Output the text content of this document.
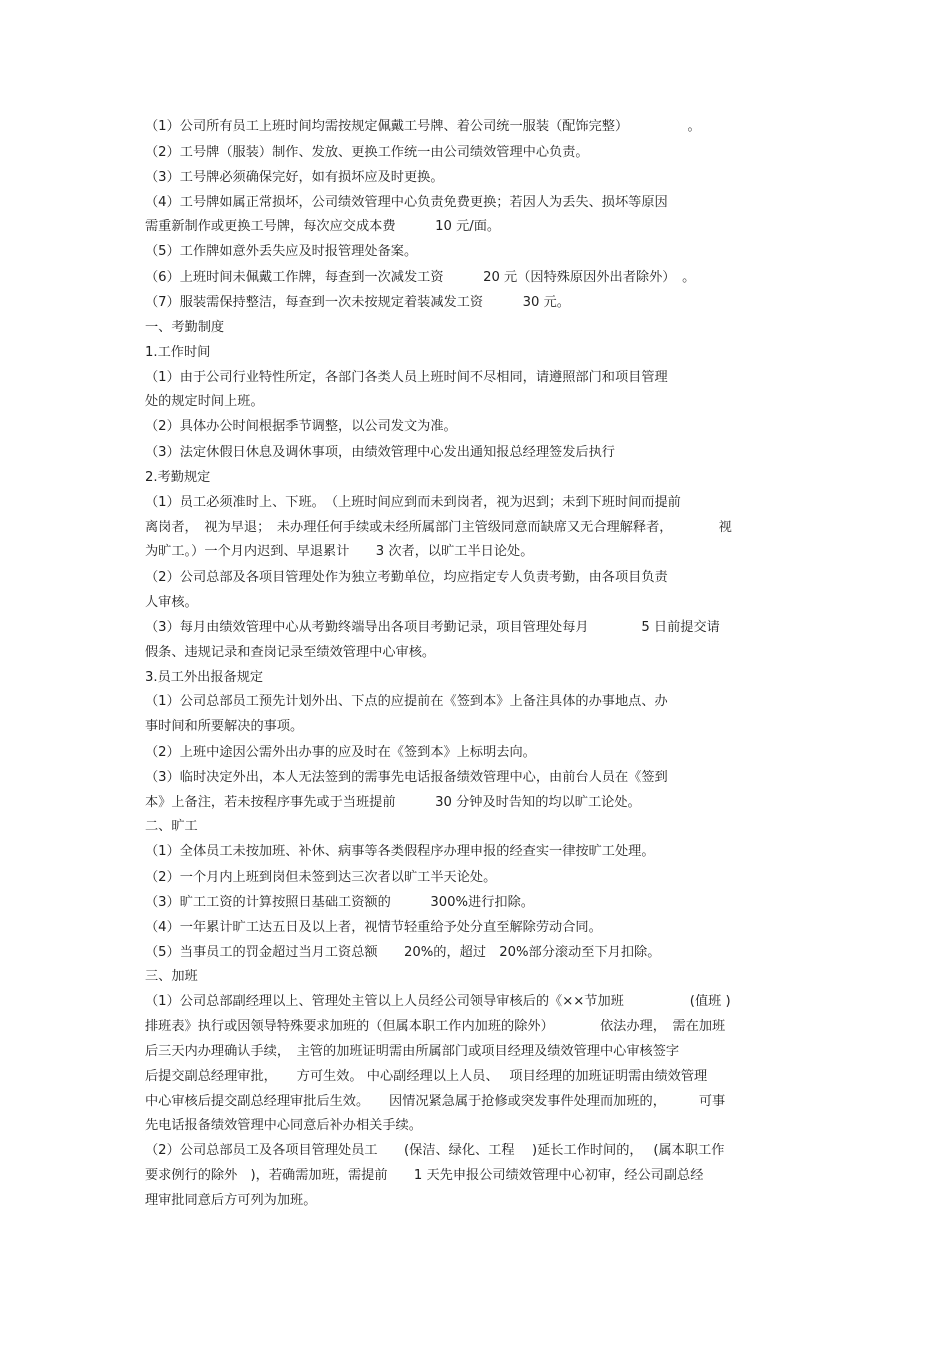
（1）公司所有员工上班时间均需按规定佩戴工号牌、着公司统一服装（配饰完整）　　　　　。
（2）工号牌（服装）制作、发放、更换工作统一由公司绩效管理中心负责。
（3）工号牌必须确保完好，如有损坏应及时更换。
（4）工号牌如属正常损坏，公司绩效管理中心负责免费更换；若因人为丢失、损坏等原因
需重新制作或更换工号牌，每次应交成本费　　　10 元/面。
（5）工作牌如意外丢失应及时报管理处备案。
（6）上班时间未佩戴工作牌，每查到一次减发工资　　　20 元（因特殊原因外出者除外）　。
（7）服装需保持整洁，每查到一次未按规定着装减发工资　　　30 元。
一、考勤制度
1.工作时间
（1）由于公司行业特性所定，各部门各类人员上班时间不尽相同，请遵照部门和项目管理
处的规定时间上班。
（2）具体办公时间根据季节调整，以公司发文为准。
（3）法定休假日休息及调休事项，由绩效管理中心发出通知报总经理签发后执行
2.考勤规定
（1）员工必须准时上、下班。　（上班时间应到而未到岗者，视为迟到；未到下班时间而提前
离岗者，　视为早退；　未办理任何手续或未经所属部门主管级同意而缺席又无合理解释者，　　　　视
为旷工。）一个月内迟到、早退累计　　3 次者，以旷工半日论处。
（2）公司总部及各项目管理处作为独立考勤单位，均应指定专人负责考勤，由各项目负责
人审核。
（3）每月由绩效管理中心从考勤终端导出各项目考勤记录，项目管理处每月　　　　5 日前提交请
假条、违规记录和查岗记录至绩效管理中心审核。
3.员工外出报备规定
（1）公司总部员工预先计划外出、下点的应提前在《签到本》上备注具体的办事地点、办
事时间和所要解决的事项。
（2）上班中途因公需外出办事的应及时在《签到本》上标明去向。
（3）临时决定外出，本人无法签到的需事先电话报备绩效管理中心，由前台人员在《签到
本》上备注，若未按程序事先或于当班提前　　　30 分钟及时告知的均以旷工论处。
二、旷工
（1）全体员工未按加班、补休、病事等各类假程序办理申报的经查实一律按旷工处理。
（2）一个月内上班到岗但未签到达三次者以旷工半天论处。
（3）旷工工资的计算按照日基础工资额的　　　300%进行扣除。
（4）一年累计旷工达五日及以上者，视情节轻重给予处分直至解除劳动合同。
（5）当事员工的罚金超过当月工资总额　　20%的，超过　20%部分滚动至下月扣除。
三、加班
（1）公司总部副经理以上、管理处主管以上人员经公司领导审核后的《××节加班　　　　　(值班 )
排班表》执行或因领导特殊要求加班的（但属本职工作内加班的除外）　　　　依法办理，　需在加班
后三天内办理确认手续，　主管的加班证明需由所属部门或项目经理及绩效管理中心审核签字
后提交副总经理审批，　　方可生效。 中心副经理以上人员、　 项目经理的加班证明需由绩效管理
中心审核后提交副总经理审批后生效。　　因情况紧急属于抢修或突发事件处理而加班的，　　　可事
先电话报备绩效管理中心同意后补办相关手续。
（2）公司总部员工及各项目管理处员工　　(保洁、绿化、工程　 )延长工作时间的，　 (属本职工作
要求例行的除外　)，若确需加班，需提前　　1 天先申报公司绩效管理中心初审，经公司副总经
理审批同意后方可列为加班。
